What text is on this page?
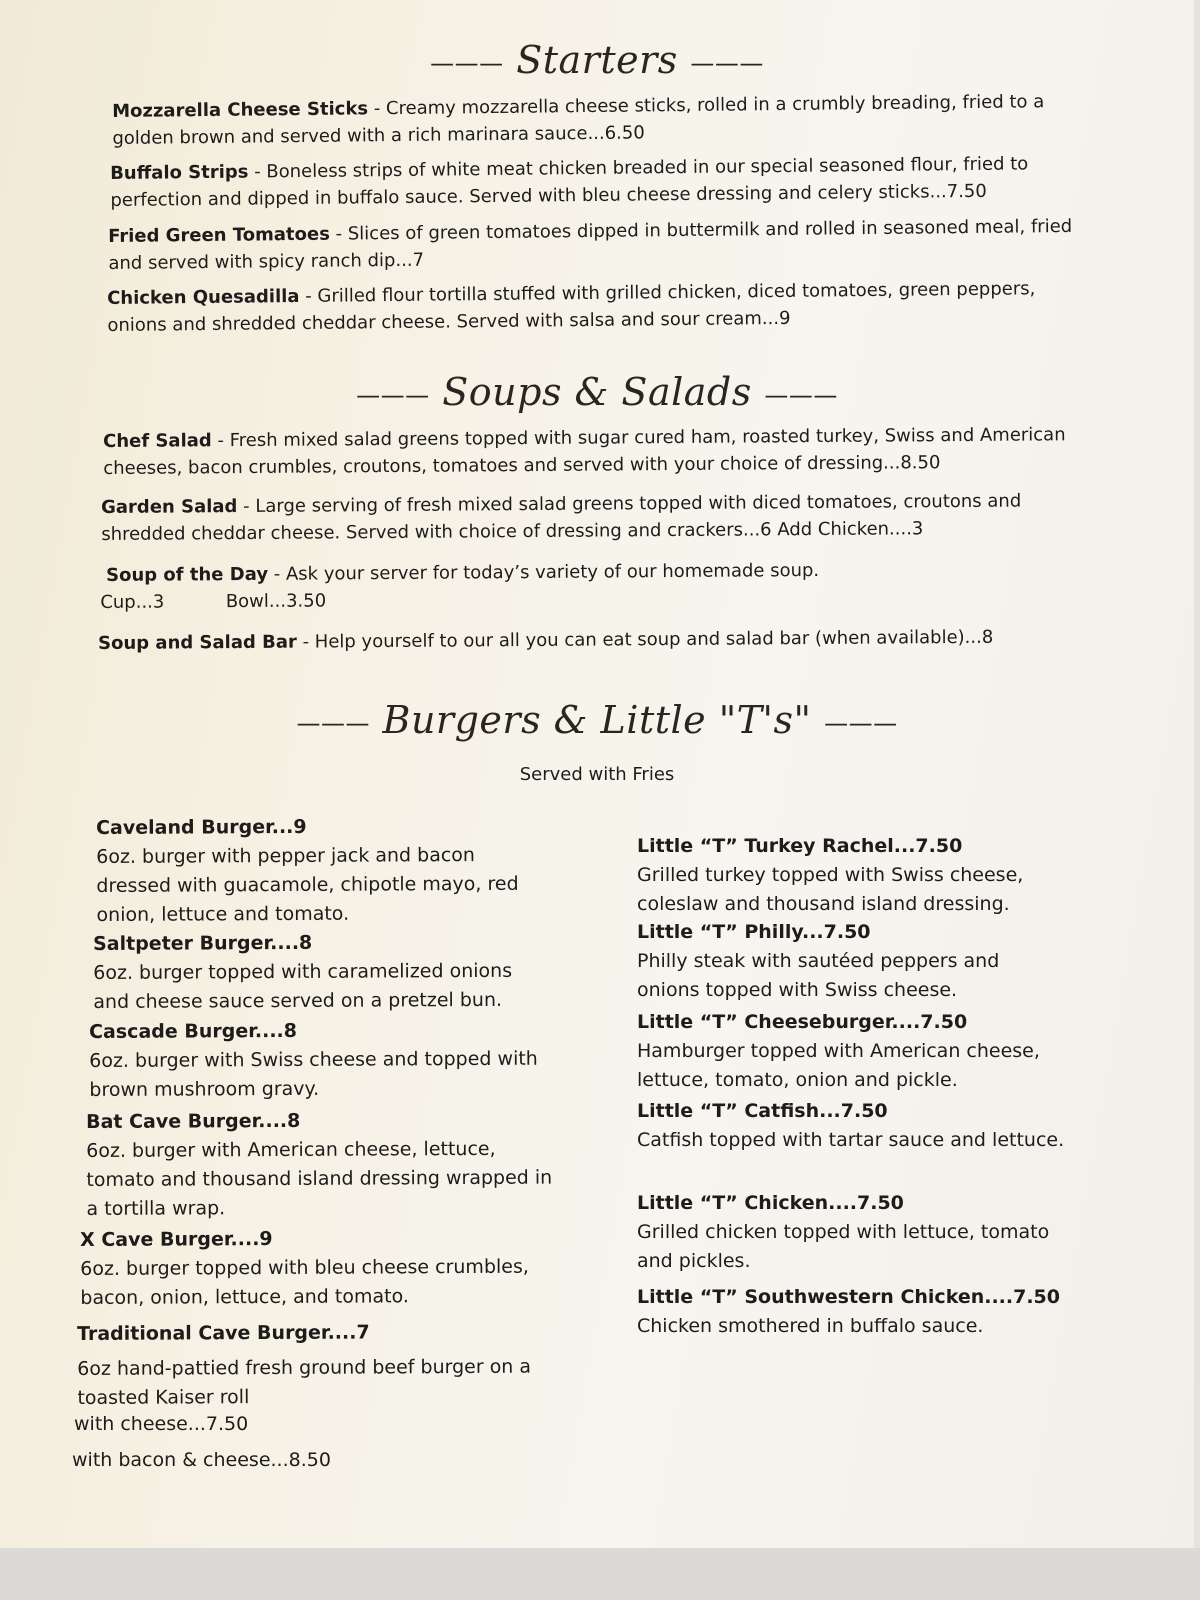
——— Starters ———
Mozzarella Cheese Sticks - Creamy mozzarella cheese sticks, rolled in a crumbly breading, fried to a golden brown and served with a rich marinara sauce...6.50
Buffalo Strips - Boneless strips of white meat chicken breaded in our special seasoned flour, fried to perfection and dipped in buffalo sauce. Served with bleu cheese dressing and celery sticks...7.50
Fried Green Tomatoes - Slices of green tomatoes dipped in buttermilk and rolled in seasoned meal, fried and served with spicy ranch dip...7
Chicken Quesadilla - Grilled flour tortilla stuffed with grilled chicken, diced tomatoes, green peppers, onions and shredded cheddar cheese. Served with salsa and sour cream...9
——— Soups & Salads ———
Chef Salad - Fresh mixed salad greens topped with sugar cured ham, roasted turkey, Swiss and American cheeses, bacon crumbles, croutons, tomatoes and served with your choice of dressing...8.50
Garden Salad - Large serving of fresh mixed salad greens topped with diced tomatoes, croutons and shredded cheddar cheese. Served with choice of dressing and crackers...6 Add Chicken....3
Soup of the Day - Ask your server for today’s variety of our homemade soup.
Cup...3	Bowl...3.50
Soup and Salad Bar - Help yourself to our all you can eat soup and salad bar (when available)...8
——— Burgers & Little "T's" ———
Served with Fries
Caveland Burger...9
6oz. burger with pepper jack and bacon dressed with guacamole, chipotle mayo, red onion, lettuce and tomato.
Saltpeter Burger....8
6oz. burger topped with caramelized onions and cheese sauce served on a pretzel bun.
Cascade Burger....8
6oz. burger with Swiss cheese and topped with brown mushroom gravy.
Bat Cave Burger....8
6oz. burger with American cheese, lettuce, tomato and thousand island dressing wrapped in a tortilla wrap.
X Cave Burger....9
6oz. burger topped with bleu cheese crumbles, bacon, onion, lettuce, and tomato.
Traditional Cave Burger....7
6oz hand-pattied fresh ground beef burger on a toasted Kaiser roll
with cheese...7.50
with bacon & cheese...8.50
Little “T” Turkey Rachel...7.50
Grilled turkey topped with Swiss cheese, coleslaw and thousand island dressing.
Little “T” Philly...7.50
Philly steak with sautéed peppers and onions topped with Swiss cheese.
Little “T” Cheeseburger....7.50
Hamburger topped with American cheese, lettuce, tomato, onion and pickle.
Little “T” Catfish...7.50
Catfish topped with tartar sauce and lettuce.
Little “T” Chicken....7.50
Grilled chicken topped with lettuce, tomato and pickles.
Little “T” Southwestern Chicken....7.50
Chicken smothered in buffalo sauce.
